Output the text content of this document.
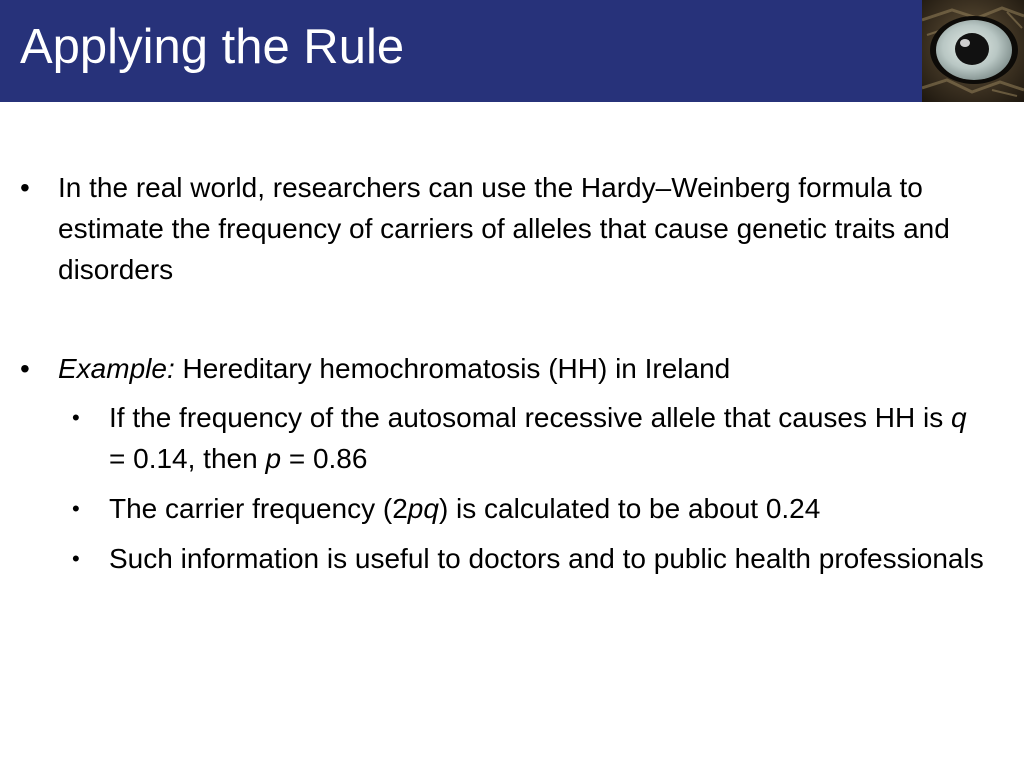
Applying the Rule
• In the real world, researchers can use the Hardy–Weinberg formula to estimate the frequency of carriers of alleles that cause genetic traits and disorders
• Example: Hereditary hemochromatosis (HH) in Ireland
• If the frequency of the autosomal recessive allele that causes HH is q = 0.14, then p = 0.86
• The carrier frequency (2pq) is calculated to be about 0.24
• Such information is useful to doctors and to public health professionals
